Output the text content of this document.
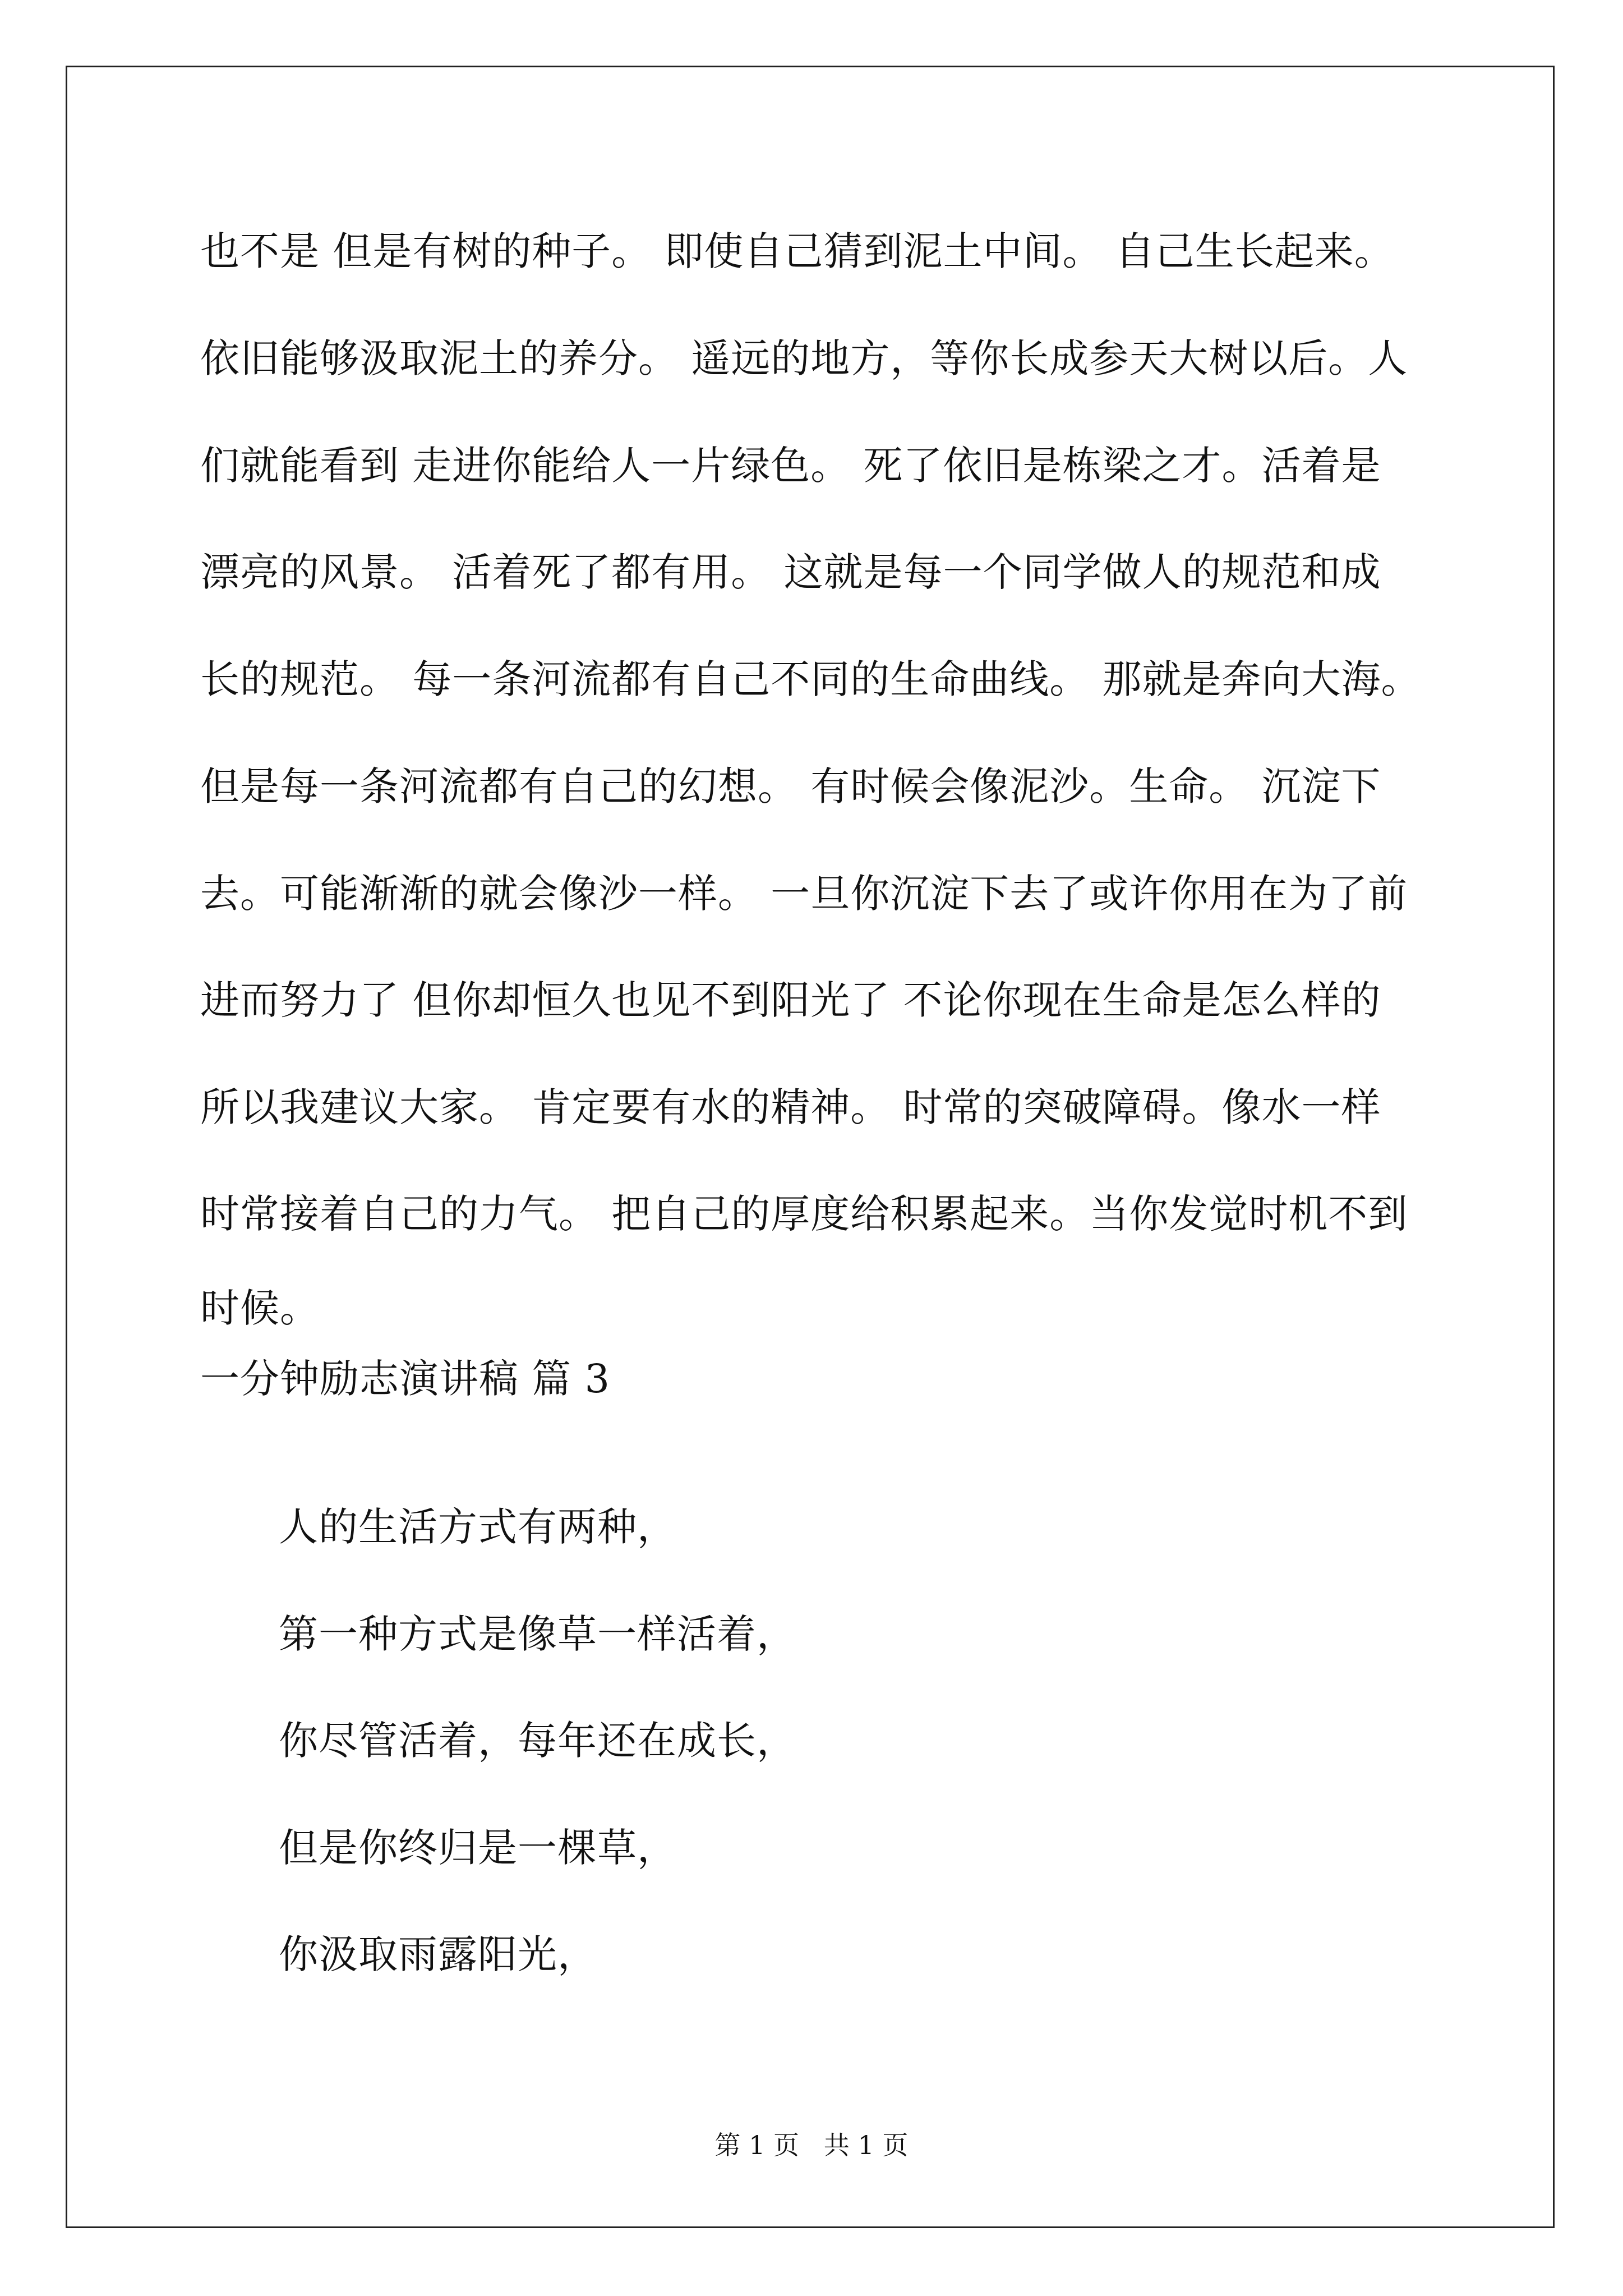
也不是 但是有树的种子。 即使自己猜到泥土中间。 自己生长起来。
依旧能够汲取泥土的养分。 遥远的地方，等你长成参天大树以后。人
们就能看到 走进你能给人一片绿色。 死了依旧是栋梁之才。活着是
漂亮的风景。 活着死了都有用。 这就是每一个同学做人的规范和成
长的规范。 每一条河流都有自己不同的生命曲线。 那就是奔向大海。
但是每一条河流都有自己的幻想。 有时候会像泥沙。生命。 沉淀下
去。可能渐渐的就会像沙一样。 一旦你沉淀下去了或许你用在为了前
进而努力了 但你却恒久也见不到阳光了 不论你现在生命是怎么样的
所以我建议大家。 肯定要有水的精神。 时常的突破障碍。像水一样
时常接着自己的力气。 把自己的厚度给积累起来。当你发觉时机不到
时候。
一分钟励志演讲稿 篇 3
人的生活方式有两种，
第一种方式是像草一样活着，
你尽管活着，每年还在成长，
但是你终归是一棵草，
你汲取雨露阳光，
第 1 页   共 1 页
